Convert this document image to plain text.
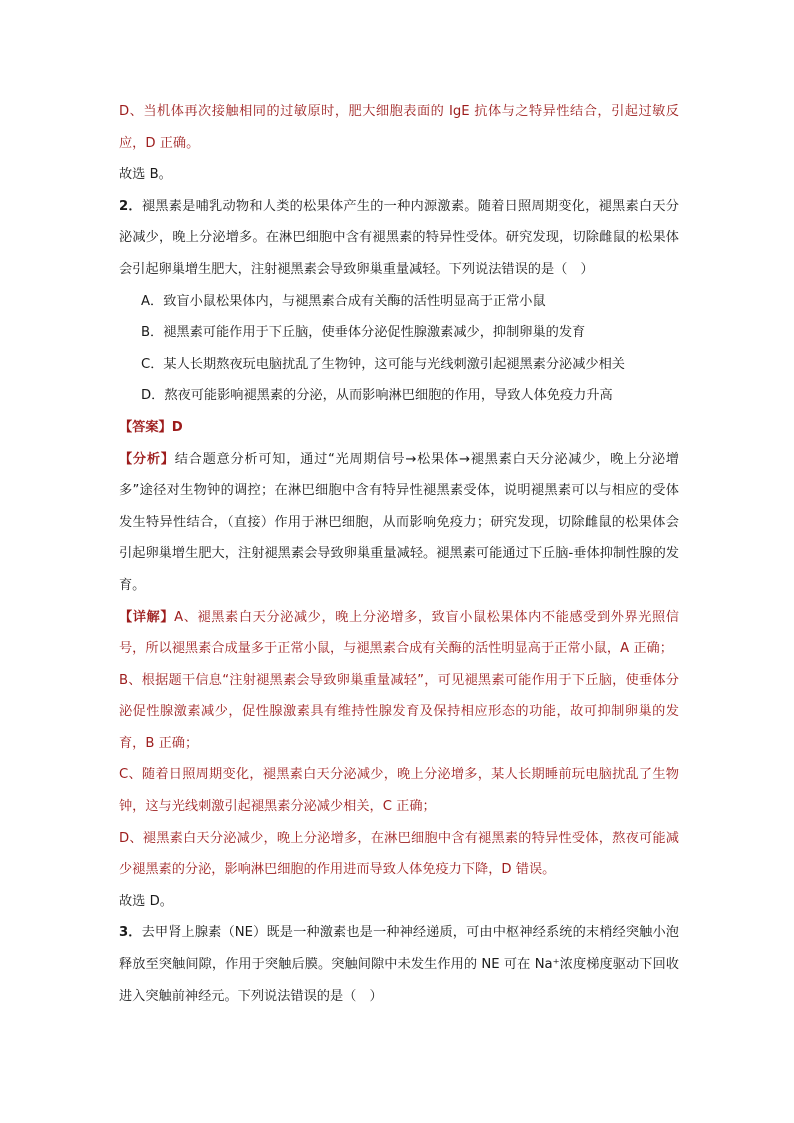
D、当机体再次接触相同的过敏原时，肥大细胞表面的 IgE 抗体与之特异性结合，引起过敏反应，D 正确。

故选 B。

2．褪黑素是哺乳动物和人类的松果体产生的一种内源激素。随着日照周期变化，褪黑素白天分泌减少，晚上分泌增多。在淋巴细胞中含有褪黑素的特异性受体。研究发现，切除雌鼠的松果体会引起卵巢增生肥大，注射褪黑素会导致卵巢重量减轻。下列说法错误的是（　）

A．致盲小鼠松果体内，与褪黑素合成有关酶的活性明显高于正常小鼠

B．褪黑素可能作用于下丘脑，使垂体分泌促性腺激素减少，抑制卵巢的发育

C．某人长期熬夜玩电脑扰乱了生物钟，这可能与光线刺激引起褪黑素分泌减少相关

D．熬夜可能影响褪黑素的分泌，从而影响淋巴细胞的作用，导致人体免疫力升高

【答案】D

【分析】结合题意分析可知，通过“光周期信号→松果体→褪黑素白天分泌减少，晚上分泌增多”途径对生物钟的调控；在淋巴细胞中含有特异性褪黑素受体，说明褪黑素可以与相应的受体发生特异性结合，（直接）作用于淋巴细胞，从而影响免疫力；研究发现，切除雌鼠的松果体会引起卵巢增生肥大，注射褪黑素会导致卵巢重量减轻。褪黑素可能通过下丘脑-垂体抑制性腺的发育。

【详解】A、褪黑素白天分泌减少，晚上分泌增多，致盲小鼠松果体内不能感受到外界光照信号，所以褪黑素合成量多于正常小鼠，与褪黑素合成有关酶的活性明显高于正常小鼠，A 正确；

B、根据题干信息“注射褪黑素会导致卵巢重量减轻”，可见褪黑素可能作用于下丘脑，使垂体分泌促性腺激素减少，促性腺激素具有维持性腺发育及保持相应形态的功能，故可抑制卵巢的发育，B 正确；

C、随着日照周期变化，褪黑素白天分泌减少，晚上分泌增多，某人长期睡前玩电脑扰乱了生物钟，这与光线刺激引起褪黑素分泌减少相关，C 正确；

D、褪黑素白天分泌减少，晚上分泌增多，在淋巴细胞中含有褪黑素的特异性受体，熬夜可能减少褪黑素的分泌，影响淋巴细胞的作用进而导致人体免疫力下降，D 错误。

故选 D。

3．去甲肾上腺素（NE）既是一种激素也是一种神经递质，可由中枢神经系统的末梢经突触小泡释放至突触间隙，作用于突触后膜。突触间隙中未发生作用的 NE 可在 Na⁺浓度梯度驱动下回收进入突触前神经元。下列说法错误的是（　）
